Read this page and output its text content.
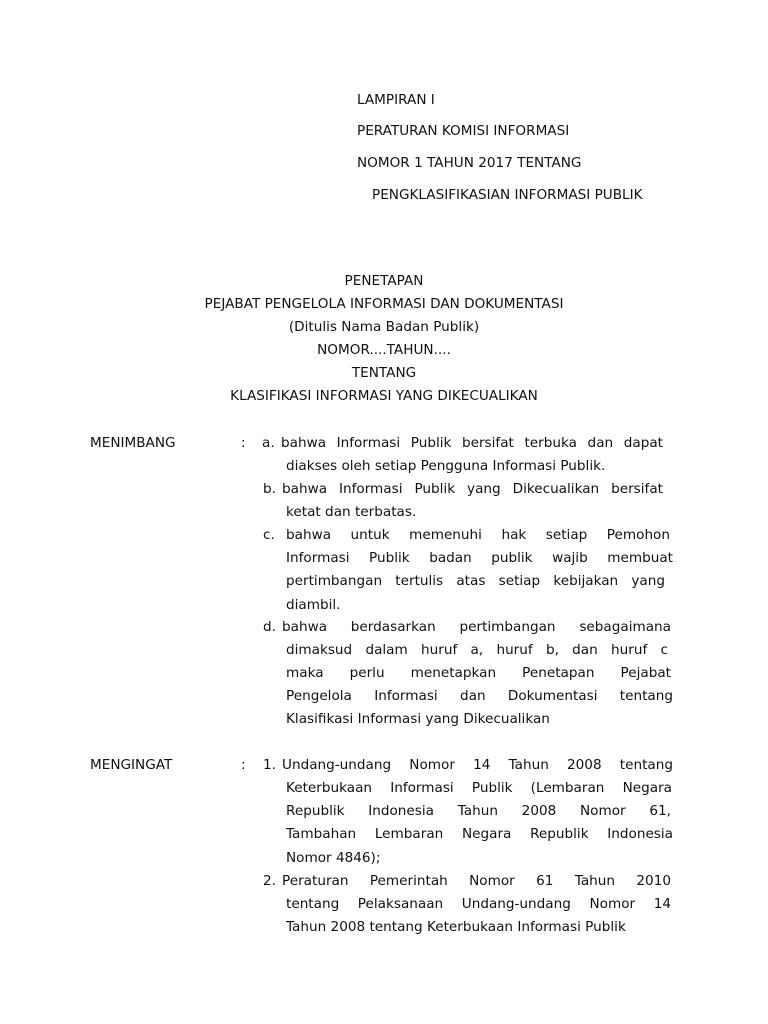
LAMPIRAN I
PERATURAN KOMISI INFORMASI
NOMOR 1 TAHUN 2017 TENTANG
PENGKLASIFIKASIAN INFORMASI PUBLIK
PENETAPAN
PEJABAT PENGELOLA INFORMASI DAN DOKUMENTASI
(Ditulis Nama Badan Publik)
NOMOR....TAHUN....
TENTANG
KLASIFIKASI INFORMASI YANG DIKECUALIKAN
MENIMBANG	: a. bahwa Informasi Publik bersifat terbuka dan dapat
diakses oleh setiap Pengguna Informasi Publik.
b. bahwa Informasi Publik yang Dikecualikan bersifat
ketat dan terbatas.
c. bahwa untuk memenuhi hak setiap Pemohon
Informasi Publik badan publik wajib membuat
pertimbangan tertulis atas setiap kebijakan yang
diambil.
d. bahwa berdasarkan pertimbangan sebagaimana
dimaksud dalam huruf a, huruf b, dan huruf c
maka perlu menetapkan Penetapan Pejabat
Pengelola Informasi dan Dokumentasi tentang
Klasifikasi Informasi yang Dikecualikan
MENGINGAT	: 1. Undang-undang Nomor 14 Tahun 2008 tentang
Keterbukaan Informasi Publik (Lembaran Negara
Republik Indonesia Tahun 2008 Nomor 61,
Tambahan Lembaran Negara Republik Indonesia
Nomor 4846);
2. Peraturan Pemerintah Nomor 61 Tahun 2010
tentang Pelaksanaan Undang-undang Nomor 14
Tahun 2008 tentang Keterbukaan Informasi Publik
